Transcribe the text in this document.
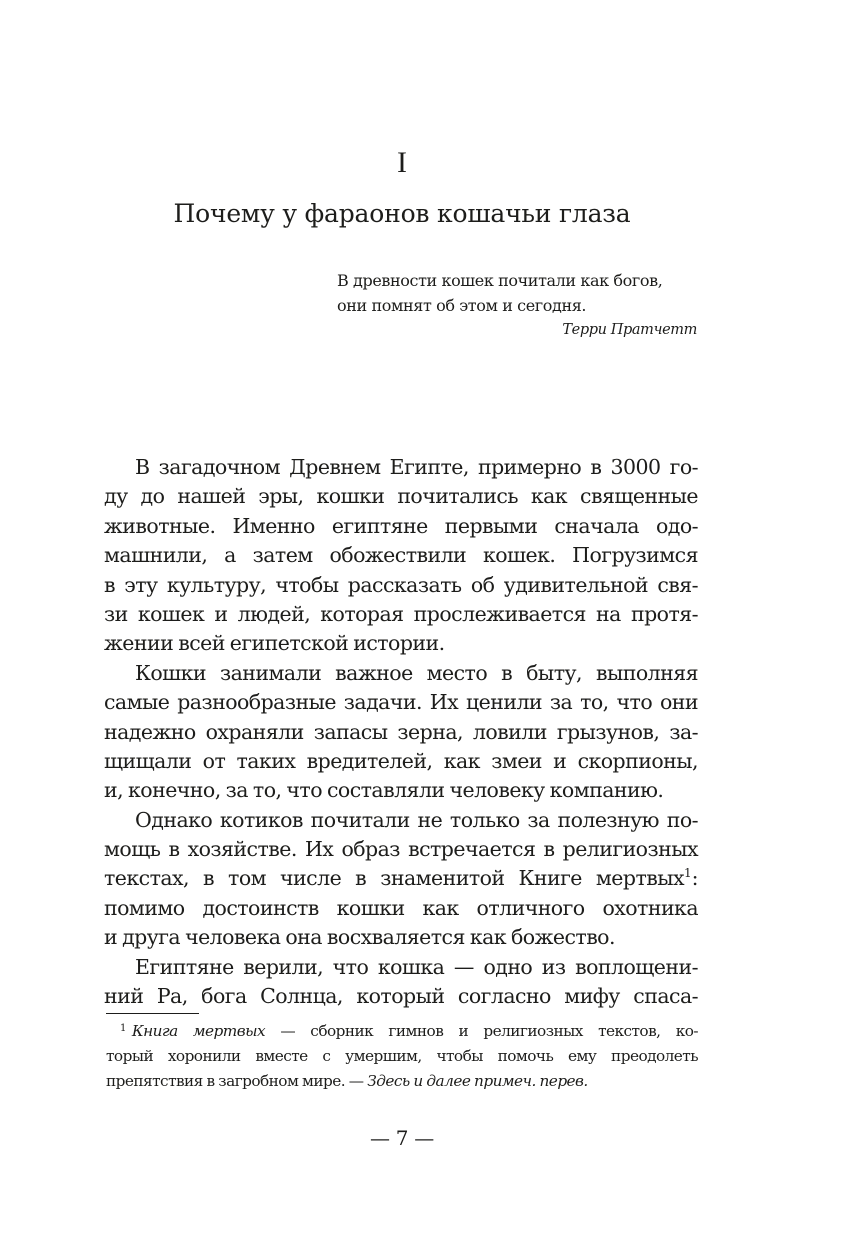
I
Почему у фараонов кошачьи глаза
В древности кошек почитали как богов,
они помнят об этом и сегодня.
Терри Пратчетт
В загадочном Древнем Египте, примерно в 3000 го-
ду до нашей эры, кошки почитались как священные
животные. Именно египтяне первыми сначала одо-
машнили, а затем обожествили кошек. Погрузимся
в эту культуру, чтобы рассказать об удивительной свя-
зи кошек и людей, которая прослеживается на протя-
жении всей египетской истории.
Кошки занимали важное место в быту, выполняя
самые разнообразные задачи. Их ценили за то, что они
надежно охраняли запасы зерна, ловили грызунов, за-
щищали от таких вредителей, как змеи и скорпионы,
и, конечно, за то, что составляли человеку компанию.
Однако котиков почитали не только за полезную по-
мощь в хозяйстве. Их образ встречается в религиозных
текстах, в том числе в знаменитой Книге мертвых$^1$:
помимо достоинств кошки как отличного охотника
и друга человека она восхваляется как божество.
Египтяне верили, что кошка — одно из воплощени-
ний Ра, бога Солнца, который согласно мифу спаса-
$^1$ Книга мертвых — сборник гимнов и религиозных текстов, ко-
торый хоронили вместе с умершим, чтобы помочь ему преодолеть
препятствия в загробном мире. — Здесь и далее примеч. перев.
— 7 —
